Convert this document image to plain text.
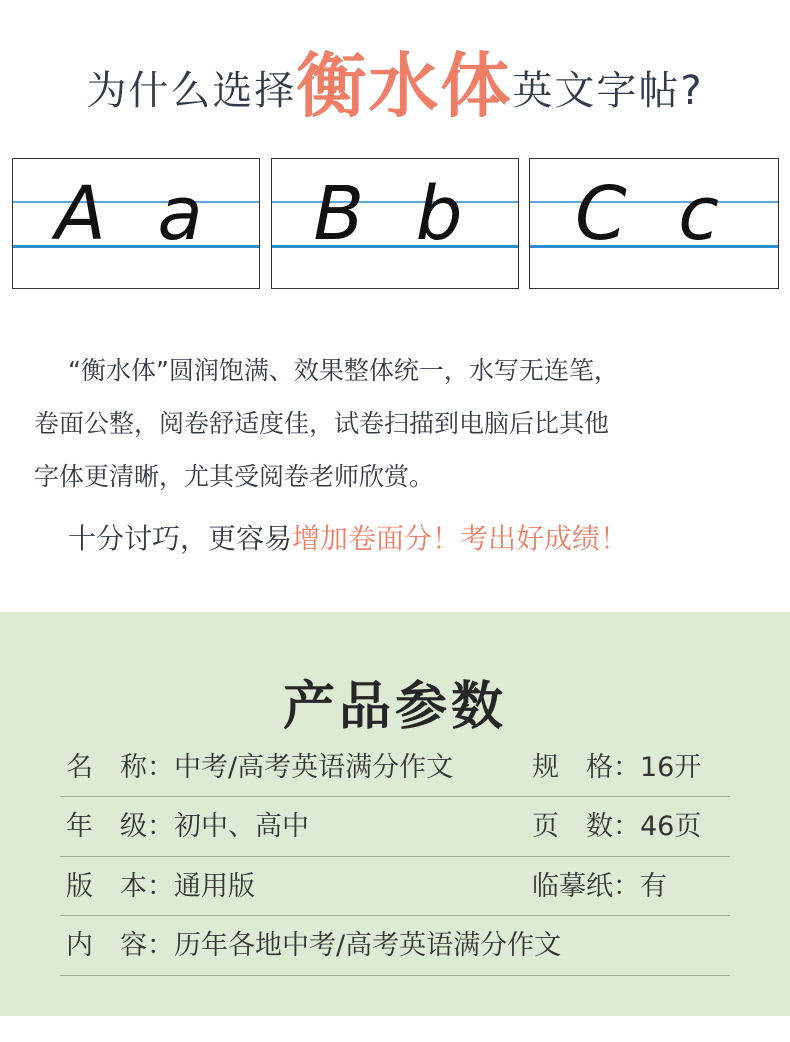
为什么选择衡水体英文字帖?
A a	B b	C c
“衡水体”圆润饱满、效果整体统一，水写无连笔，
卷面公整，阅卷舒适度佳，试卷扫描到电脑后比其他
字体更清晰，尤其受阅卷老师欣赏。
十分讨巧，更容易增加卷面分！考出好成绩！
产品参数
名　称：中考/高考英语满分作文	规　格：16开
年　级：初中、高中	页　数：46页
版　本：通用版	临摹纸：有
内　容：历年各地中考/高考英语满分作文
